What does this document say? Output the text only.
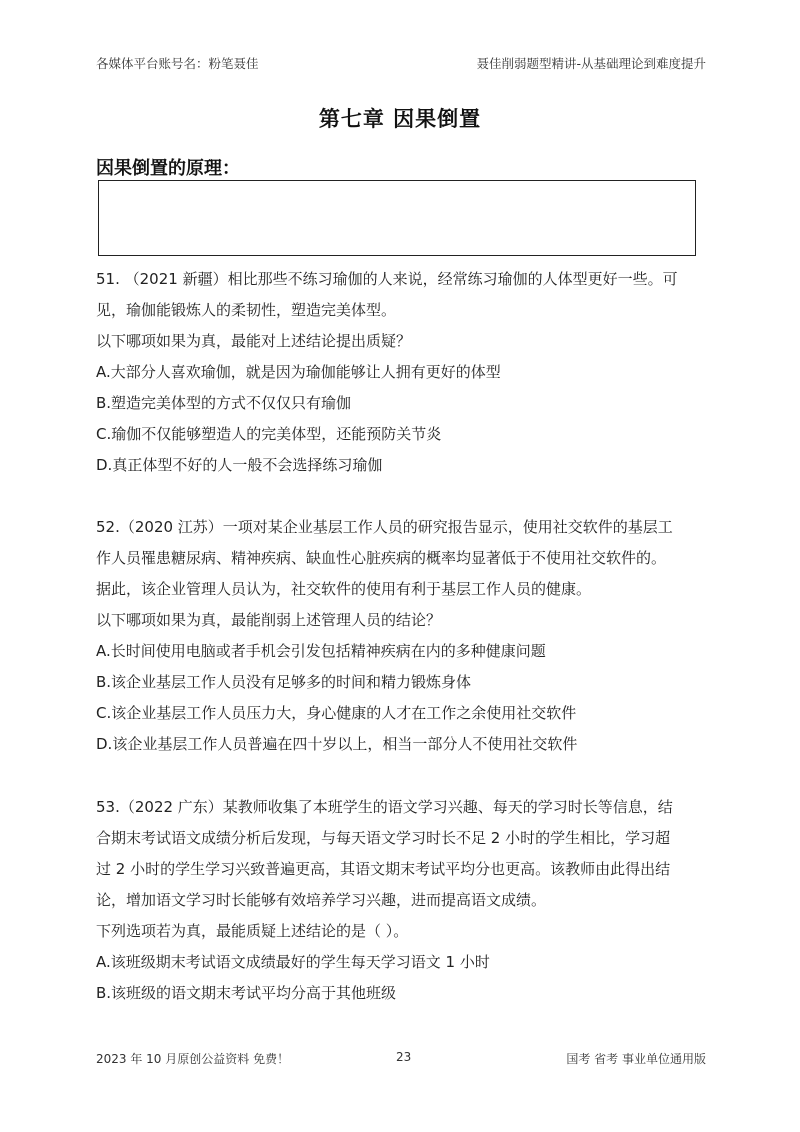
各媒体平台账号名：粉笔聂佳	聂佳削弱题型精讲-从基础理论到难度提升
第七章 因果倒置
因果倒置的原理：
51. （2021 新疆）相比那些不练习瑜伽的人来说，经常练习瑜伽的人体型更好一些。可
见，瑜伽能锻炼人的柔韧性，塑造完美体型。
以下哪项如果为真，最能对上述结论提出质疑？
A.大部分人喜欢瑜伽，就是因为瑜伽能够让人拥有更好的体型
B.塑造完美体型的方式不仅仅只有瑜伽
C.瑜伽不仅能够塑造人的完美体型，还能预防关节炎
D.真正体型不好的人一般不会选择练习瑜伽
52.（2020 江苏）一项对某企业基层工作人员的研究报告显示，使用社交软件的基层工
作人员罹患糖尿病、精神疾病、缺血性心脏疾病的概率均显著低于不使用社交软件的。
据此，该企业管理人员认为，社交软件的使用有利于基层工作人员的健康。
以下哪项如果为真，最能削弱上述管理人员的结论？
A.长时间使用电脑或者手机会引发包括精神疾病在内的多种健康问题
B.该企业基层工作人员没有足够多的时间和精力锻炼身体
C.该企业基层工作人员压力大，身心健康的人才在工作之余使用社交软件
D.该企业基层工作人员普遍在四十岁以上，相当一部分人不使用社交软件
53.（2022 广东）某教师收集了本班学生的语文学习兴趣、每天的学习时长等信息，结
合期末考试语文成绩分析后发现，与每天语文学习时长不足 2 小时的学生相比，学习超
过 2 小时的学生学习兴致普遍更高，其语文期末考试平均分也更高。该教师由此得出结
论，增加语文学习时长能够有效培养学习兴趣，进而提高语文成绩。
下列选项若为真，最能质疑上述结论的是（ ）。
A.该班级期末考试语文成绩最好的学生每天学习语文 1 小时
B.该班级的语文期末考试平均分高于其他班级
2023 年 10 月原创公益资料 免费！	23	国考 省考 事业单位通用版
